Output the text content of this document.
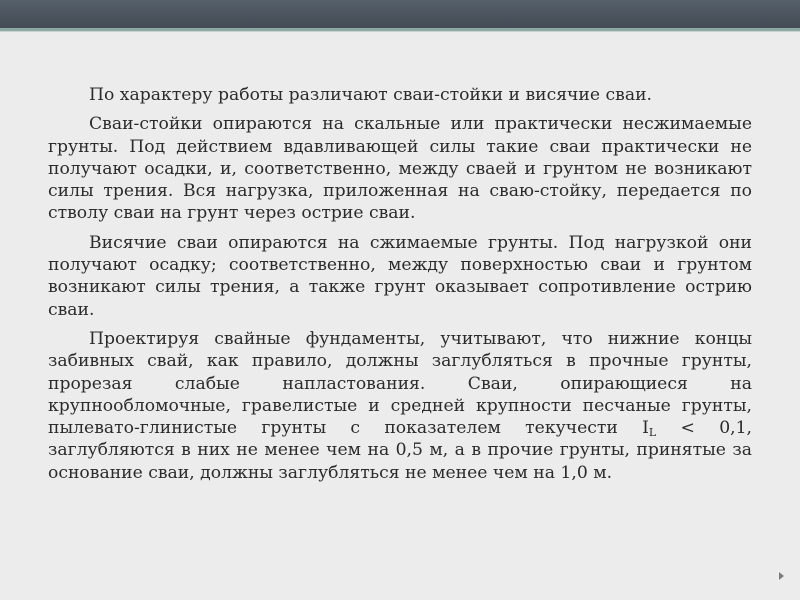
По характеру работы различают сваи-стойки и висячие сваи.

Сваи-стойки опираются на скальные или практически несжимаемые грунты. Под действием вдавливающей силы такие сваи практически не получают осадки, и, соответственно, между сваей и грунтом не возникают силы трения. Вся нагрузка, приложенная на сваю-стойку, передается по стволу сваи на грунт через острие сваи.

Висячие сваи опираются на сжимаемые грунты. Под нагрузкой они получают осадку; соответственно, между поверхностью сваи и грунтом возникают силы трения, а также грунт оказывает сопротивление острию сваи.

Проектируя свайные фундаменты, учитывают, что нижние концы забивных свай, как правило, должны заглубляться в прочные грунты, прорезая слабые напластования. Сваи, опирающиеся на крупнообломочные, гравелистые и средней крупности песчаные грунты, пылевато-глинистые грунты с показателем текучести $I_L < 0,1$, заглубляются в них не менее чем на 0,5 м, а в прочие грунты, принятые за основание сваи, должны заглубляться не менее чем на 1,0 м.
